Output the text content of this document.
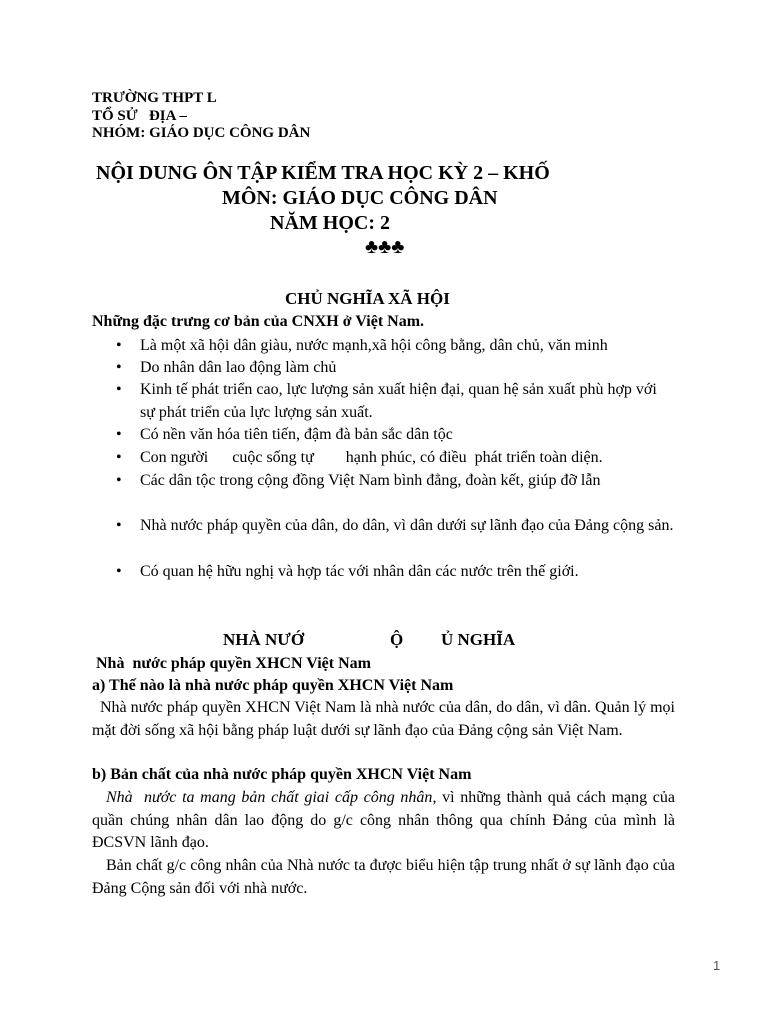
TRƯỜNG THPT L
TỔ SỬ   ĐỊA –
NHÓM: GIÁO DỤC CÔNG DÂN
NỘI DUNG ÔN TẬP KIỂM TRA HỌC KỲ 2 – KHỐ
MÔN: GIÁO DỤC CÔNG DÂN
NĂM HỌC: 2
♣♣♣
CHỦ NGHĨA XÃ HỘI
Những đặc trưng cơ bản của CNXH ở Việt Nam.
• Là một xã hội dân giàu, nước mạnh,xã hội công bằng, dân chủ, văn minh
• Do nhân dân lao động làm chủ
• Kinh tế phát triển cao, lực lượng sản xuất hiện đại, quan hệ sản xuất phù hợp với sự phát triển của lực lượng sản xuất.
• Có nền văn hóa tiên tiến, đậm đà bản sắc dân tộc
• Con người      cuộc sống tự        hạnh phúc, có điều  phát triển toàn diện.
• Các dân tộc trong cộng đồng Việt Nam bình đẳng, đoàn kết, giúp đỡ lẫn
• Nhà nước pháp quyền của dân, do dân, vì dân dưới sự lãnh đạo của Đảng cộng sản.
• Có quan hệ hữu nghị và hợp tác với nhân dân các nước trên thế giới.
NHÀ NƯỚ	Ộ Ủ NGHĨA
Nhà  nước pháp quyền XHCN Việt Nam
a) Thế nào là nhà nước pháp quyền XHCN Việt Nam
Nhà nước pháp quyền XHCN Việt Nam là nhà nước của dân, do dân, vì dân. Quản lý mọi mặt đời sống xã hội bằng pháp luật dưới sự lãnh đạo của Đảng cộng sản Việt Nam.
b) Bản chất của nhà nước pháp quyền XHCN Việt Nam
Nhà  nước ta mang bản chất giai cấp công nhân, vì những thành quả cách mạng của quần chúng nhân dân lao động do g/c công nhân thông qua chính Đảng của mình là ĐCSVN lãnh đạo.
Bản chất g/c công nhân của Nhà nước ta được biểu hiện tập trung nhất ở sự lãnh đạo của Đảng Cộng sản đối với nhà nước.
1
